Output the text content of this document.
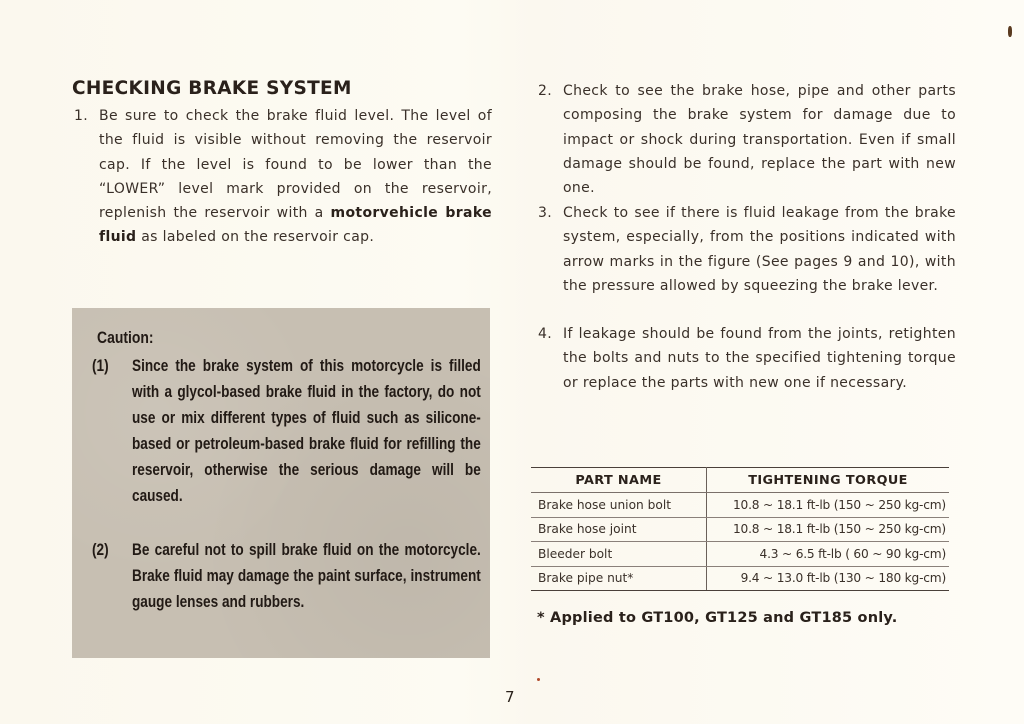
CHECKING BRAKE SYSTEM
1. Be sure to check the brake fluid level. The level of the fluid is visible without removing the reservoir cap. If the level is found to be lower than the “LOWER” level mark provided on the reservoir, replenish the reservoir with a motorvehicle brake fluid as labeled on the reservoir cap.
Caution:
(1) Since the brake system of this motorcycle is filled with a glycol-based brake fluid in the factory, do not use or mix different types of fluid such as silicone-based or petroleum-based brake fluid for refilling the reservoir, otherwise the serious damage will be caused.
(2) Be careful not to spill brake fluid on the motorcycle. Brake fluid may damage the paint surface, instrument gauge lenses and rubbers.
2. Check to see the brake hose, pipe and other parts composing the brake system for damage due to impact or shock during transportation. Even if small damage should be found, replace the part with new one.
3. Check to see if there is fluid leakage from the brake system, especially, from the positions indicated with arrow marks in the figure (See pages 9 and 10), with the pressure allowed by squeezing the brake lever.
4. If leakage should be found from the joints, retighten the bolts and nuts to the specified tightening torque or replace the parts with new one if necessary.
PART NAME	TIGHTENING TORQUE
Brake hose union bolt	10.8 ~ 18.1 ft-lb (150 ~ 250 kg-cm)
Brake hose joint	10.8 ~ 18.1 ft-lb (150 ~ 250 kg-cm)
Bleeder bolt	4.3 ~ 6.5 ft-lb ( 60 ~ 90 kg-cm)
Brake pipe nut*	9.4 ~ 13.0 ft-lb (130 ~ 180 kg-cm)
* Applied to GT100, GT125 and GT185 only.
7
